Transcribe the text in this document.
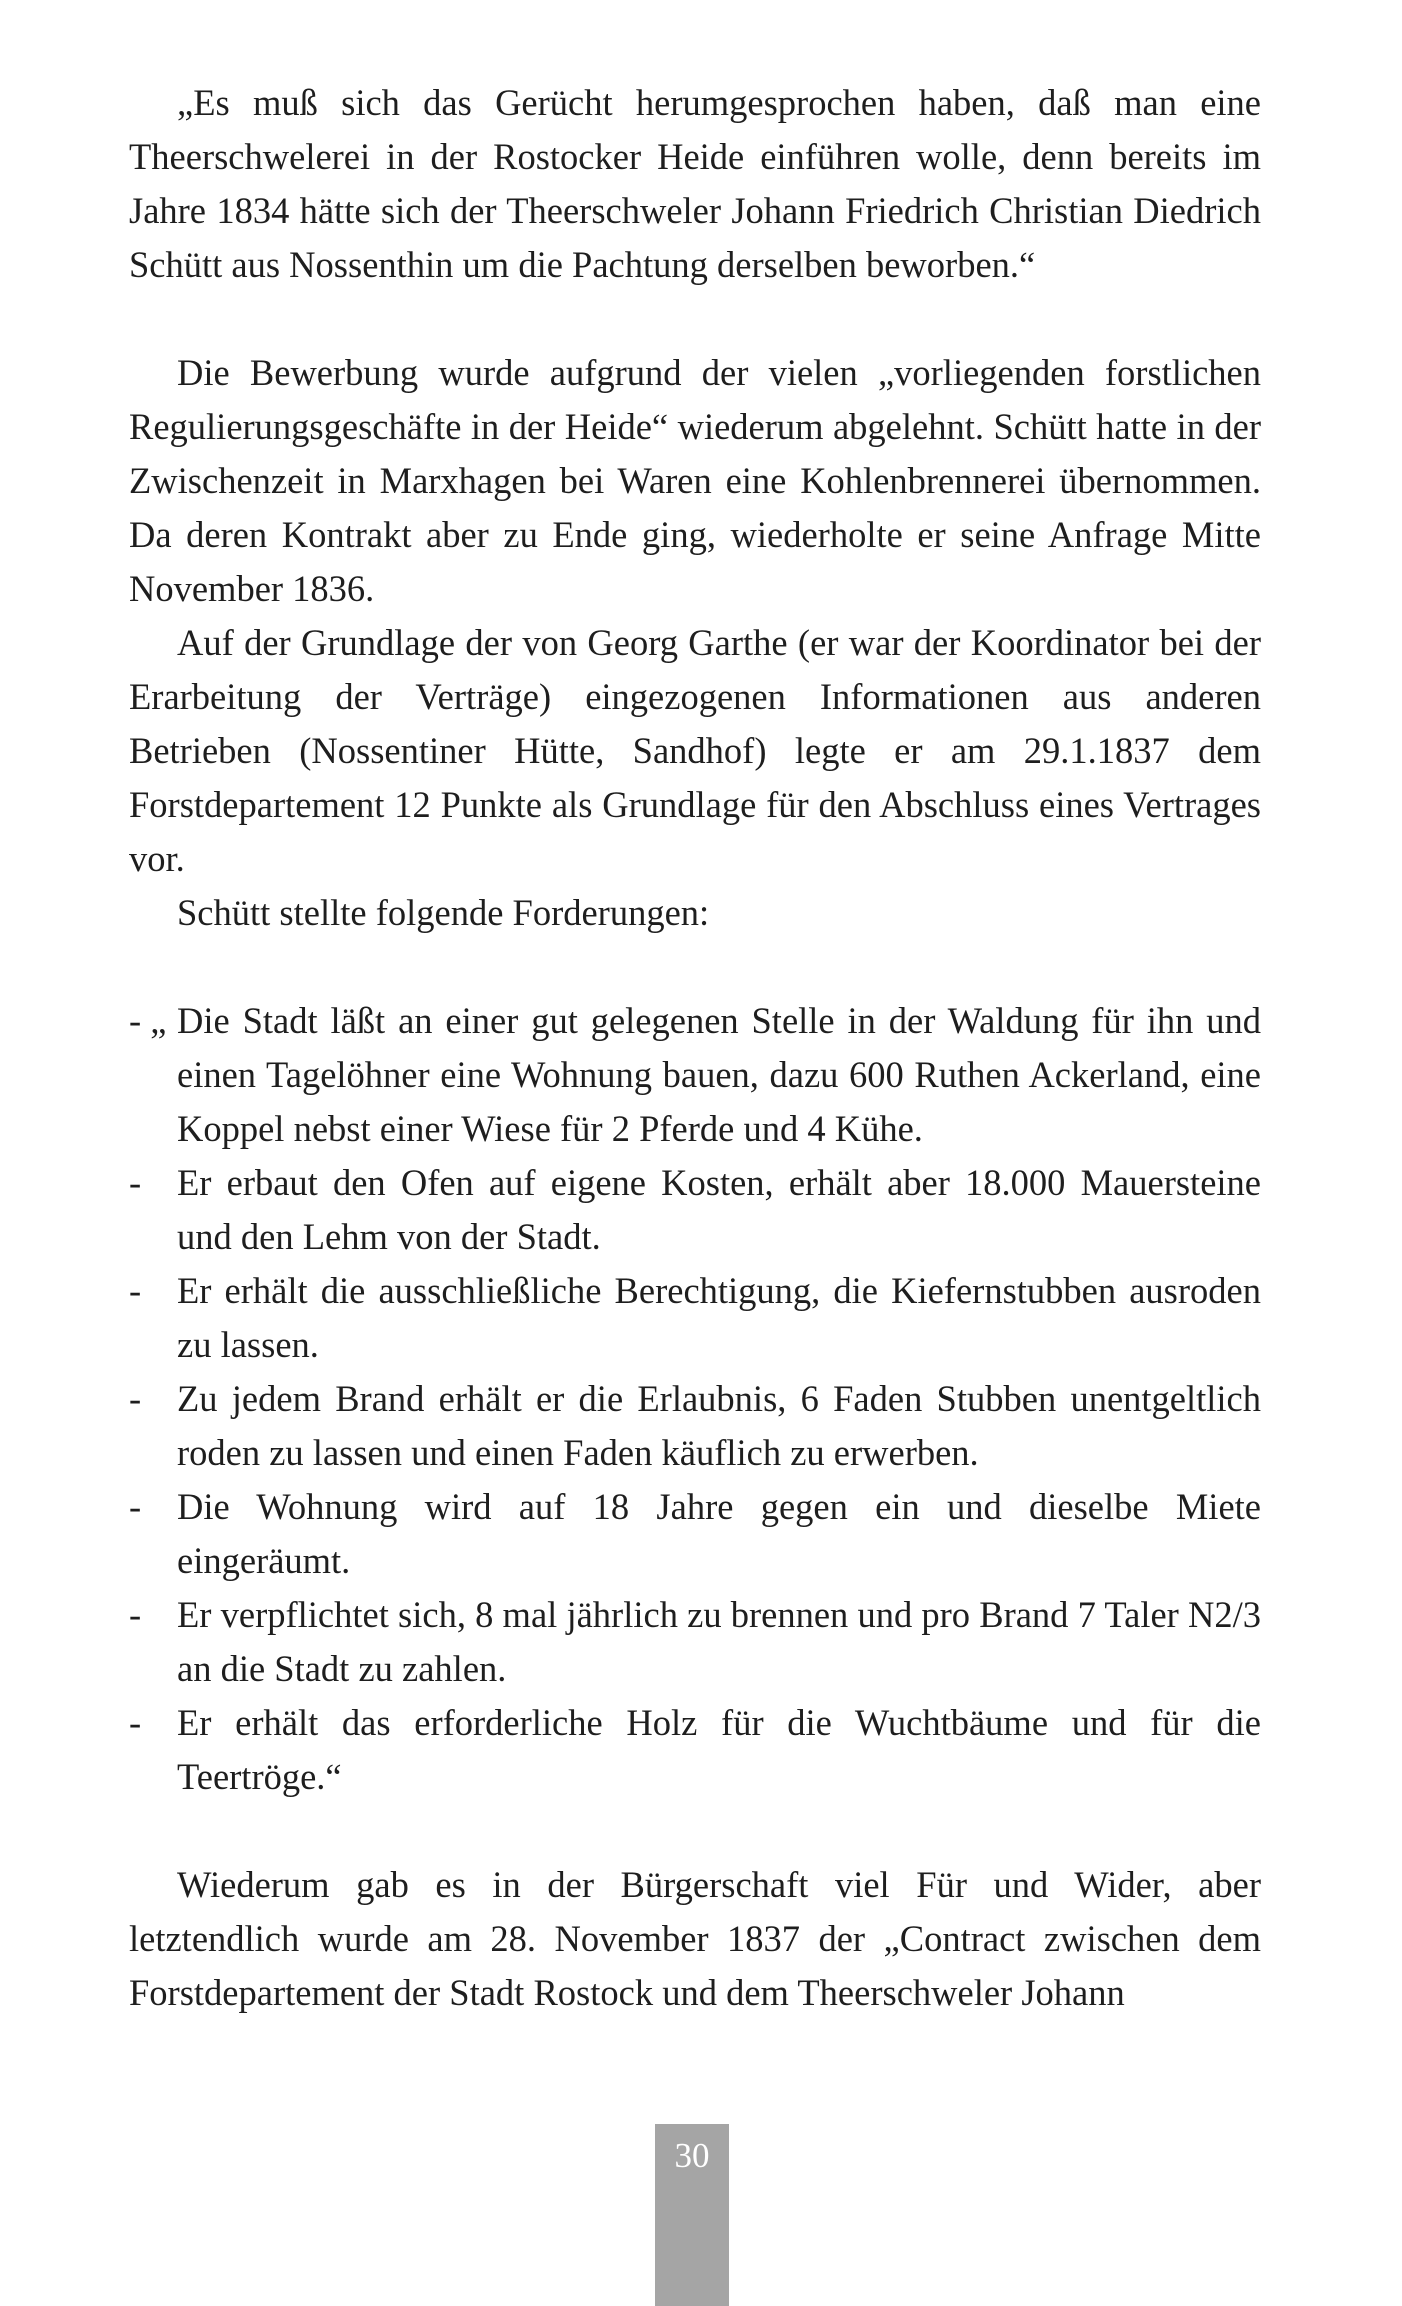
„Es muß sich das Gerücht herumgesprochen haben, daß man eine Theerschwelerei in der Rostocker Heide einführen wolle, denn bereits im Jahre 1834 hätte sich der Theerschweler Johann Friedrich Christian Diedrich Schütt aus Nossenthin um die Pachtung derselben beworben.“

Die Bewerbung wurde aufgrund der vielen „vorliegenden forstlichen Regulierungsgeschäfte in der Heide“ wiederum abgelehnt. Schütt hatte in der Zwischenzeit in Marxhagen bei Waren eine Kohlenbrennerei übernommen. Da deren Kontrakt aber zu Ende ging, wiederholte er seine Anfrage Mitte November 1836.

Auf der Grundlage der von Georg Garthe (er war der Koordinator bei der Erarbeitung der Verträge) eingezogenen Informationen aus anderen Betrieben (Nossentiner Hütte, Sandhof) legte er am 29.1.1837 dem Forstdepartement 12 Punkte als Grundlage für den Abschluss eines Vertrages vor.

Schütt stellte folgende Forderungen:

- „ Die Stadt läßt an einer gut gelegenen Stelle in der Waldung für ihn und einen Tagelöhner eine Wohnung bauen, dazu 600 Ruthen Ackerland, eine Koppel nebst einer Wiese für 2 Pferde und 4 Kühe.
- Er erbaut den Ofen auf eigene Kosten, erhält aber 18.000 Mauersteine und den Lehm von der Stadt.
- Er erhält die ausschließliche Berechtigung, die Kiefernstubben ausroden zu lassen.
- Zu jedem Brand erhält er die Erlaubnis, 6 Faden Stubben unentgeltlich roden zu lassen und einen Faden käuflich zu erwerben.
- Die Wohnung wird auf 18 Jahre gegen ein und dieselbe Miete eingeräumt.
- Er verpflichtet sich, 8 mal jährlich zu brennen und pro Brand 7 Taler N2/3 an die Stadt zu zahlen.
- Er erhält das erforderliche Holz für die Wuchtbäume und für die Teertröge.“

Wiederum gab es in der Bürgerschaft viel Für und Wider, aber letztendlich wurde am 28. November 1837 der „Contract zwischen dem Forstdepartement der Stadt Rostock und dem Theerschweler Johann

30
